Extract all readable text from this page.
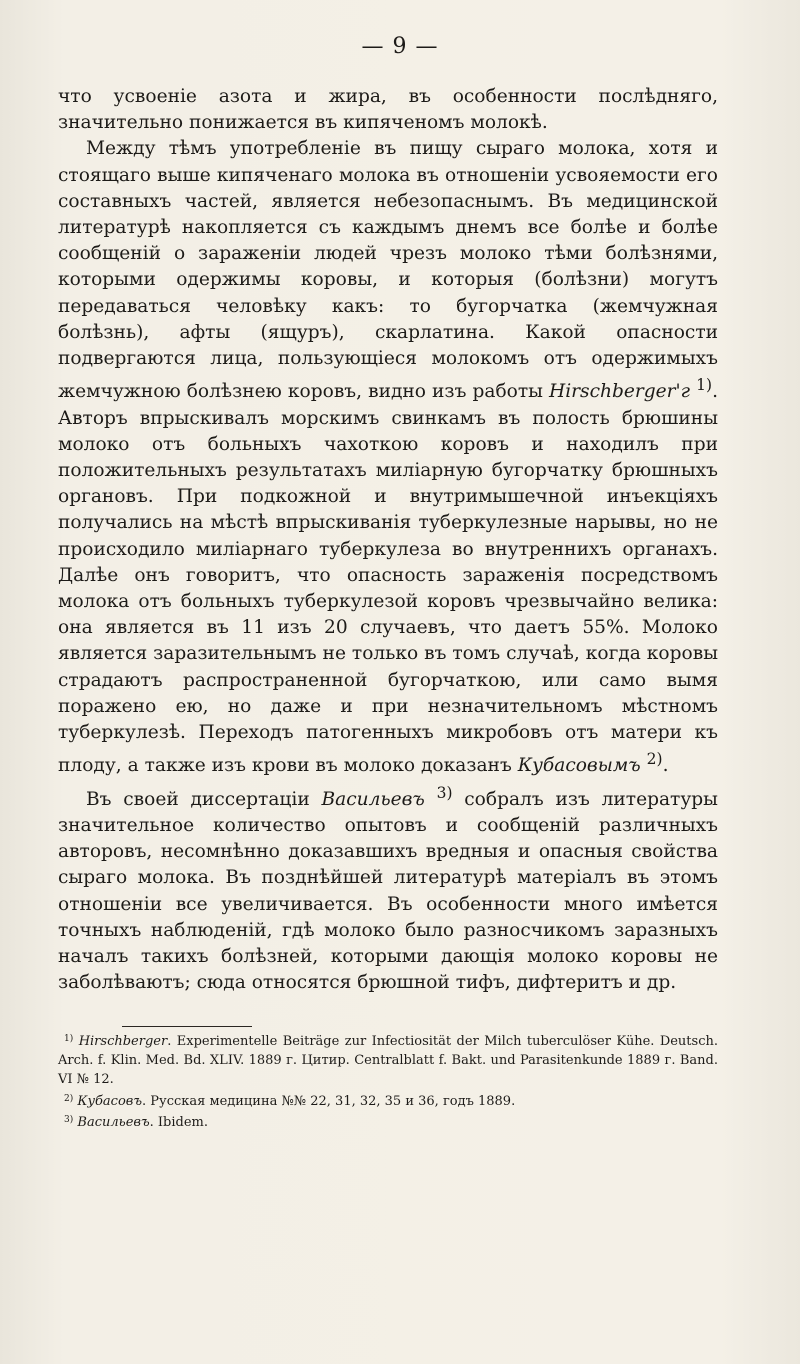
— 9 —

что усвоеніе азота и жира, въ особенности послѣдняго, значительно понижается въ кипяченомъ молокѣ.

Между тѣмъ употребленіе въ пищу сыраго молока, хотя и стоящаго выше кипяченаго молока въ отношеніи усвояемости его составныхъ частей, является небезопаснымъ. Въ медицинской литературѣ накопляется съ каждымъ днемъ все болѣе и болѣе сообщеній о зараженіи людей чрезъ молоко тѣми болѣзнями, которыми одержимы коровы, и которыя (болѣзни) могутъ передаваться человѣку какъ: то бугорчатка (жемчужная болѣзнь), афты (ящуръ), скарлатина. Какой опасности подвергаются лица, пользующіеся молокомъ отъ одержимыхъ жемчужною болѣзнею коровъ, видно изъ работы Hirschberger'г $^{1)}$. Авторъ впрыскивалъ морскимъ свинкамъ въ полость брюшины молоко отъ больныхъ чахоткою коровъ и находилъ при положительныхъ результатахъ миліарную бугорчатку брюшныхъ органовъ. При подкожной и внутримышечной инъекціяхъ получались на мѣстѣ впрыскиванія туберкулезные нарывы, но не происходило миліарнаго туберкулеза во внутреннихъ органахъ. Далѣе онъ говоритъ, что опасность зараженія посредствомъ молока отъ больныхъ туберкулезой коровъ чрезвычайно велика: она является въ 11 изъ 20 случаевъ, что даетъ 55%. Молоко является заразительнымъ не только въ томъ случаѣ, когда коровы страдаютъ распространенной бугорчаткою, или само вымя поражено ею, но даже и при незначительномъ мѣстномъ туберкулезѣ. Переходъ патогенныхъ микробовъ отъ матери къ плоду, а также изъ крови въ молоко доказанъ Кубасовымъ $^{2)}$.

Въ своей диссертаціи Васильевъ $^{3)}$ собралъ изъ литературы значительное количество опытовъ и сообщеній различныхъ авторовъ, несомнѣнно доказавшихъ вредныя и опасныя свойства сыраго молока. Въ позднѣйшей литературѣ матеріалъ въ этомъ отношеніи все увеличивается. Въ особенности много имѣется точныхъ наблюденій, гдѣ молоко было разносчикомъ заразныхъ началъ такихъ болѣзней, которыми дающія молоко коровы не заболѣваютъ; сюда относятся брюшной тифъ, дифтеритъ и др.

$^{1)}$ Hirschberger. Experimentelle Beiträge zur Infectiosität der Milch tuberculöser Kühe. Deutsch. Arch. f. Klin. Med. Bd. XLIV. 1889 г. Цитир. Centralblatt f. Bakt. und Parasitenkunde 1889 г. Band. VI № 12.

$^{2)}$ Кубасовъ. Русская медицина №№ 22, 31, 32, 35 и 36, годъ 1889.

$^{3)}$ Васильевъ. Ibidem.
